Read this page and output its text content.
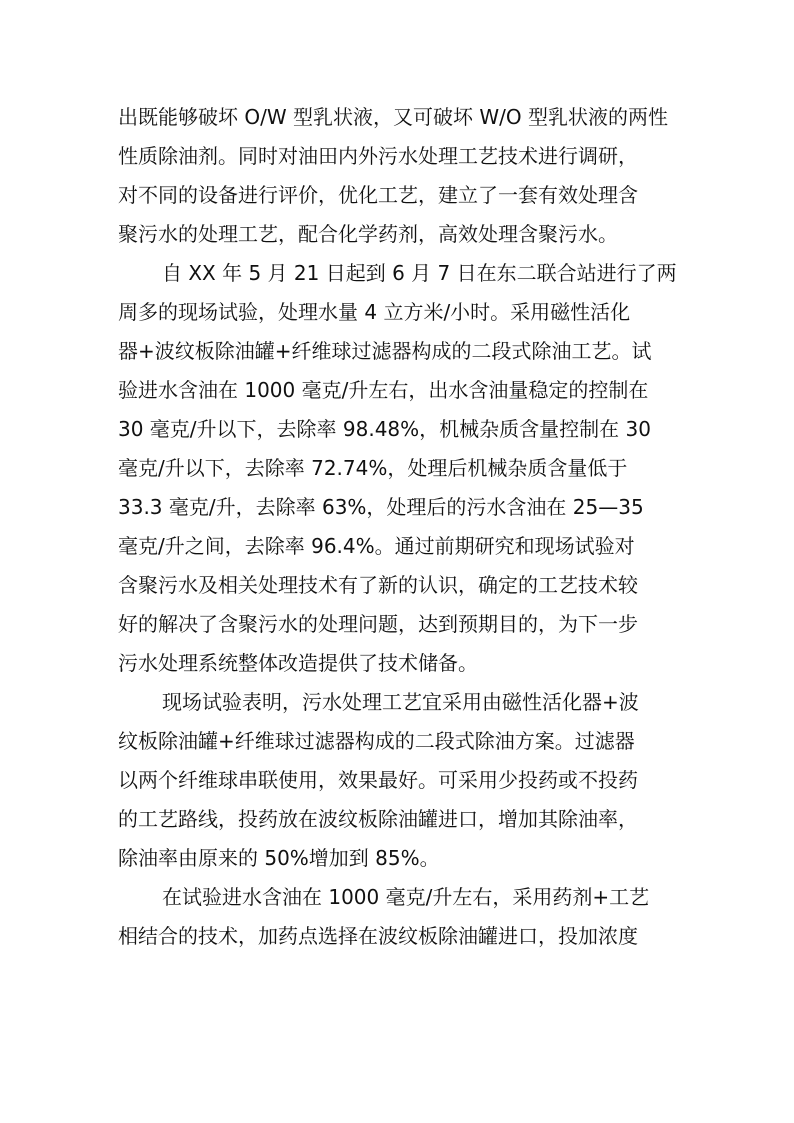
出既能够破坏 O/W 型乳状液，又可破坏 W/O 型乳状液的两性
性质除油剂。同时对油田内外污水处理工艺技术进行调研，
对不同的设备进行评价，优化工艺，建立了一套有效处理含
聚污水的处理工艺，配合化学药剂，高效处理含聚污水。
自 XX 年 5 月 21 日起到 6 月 7 日在东二联合站进行了两
周多的现场试验，处理水量 4 立方米/小时。采用磁性活化
器+波纹板除油罐+纤维球过滤器构成的二段式除油工艺。试
验进水含油在 1000 毫克/升左右，出水含油量稳定的控制在
30 毫克/升以下，去除率 98.48%，机械杂质含量控制在 30
毫克/升以下，去除率 72.74%，处理后机械杂质含量低于
33.3 毫克/升，去除率 63%，处理后的污水含油在 25—35
毫克/升之间，去除率 96.4%。通过前期研究和现场试验对
含聚污水及相关处理技术有了新的认识，确定的工艺技术较
好的解决了含聚污水的处理问题，达到预期目的，为下一步
污水处理系统整体改造提供了技术储备。
现场试验表明，污水处理工艺宜采用由磁性活化器+波
纹板除油罐+纤维球过滤器构成的二段式除油方案。过滤器
以两个纤维球串联使用，效果最好。可采用少投药或不投药
的工艺路线，投药放在波纹板除油罐进口，增加其除油率，
除油率由原来的 50%增加到 85%。
在试验进水含油在 1000 毫克/升左右，采用药剂+工艺
相结合的技术，加药点选择在波纹板除油罐进口，投加浓度
